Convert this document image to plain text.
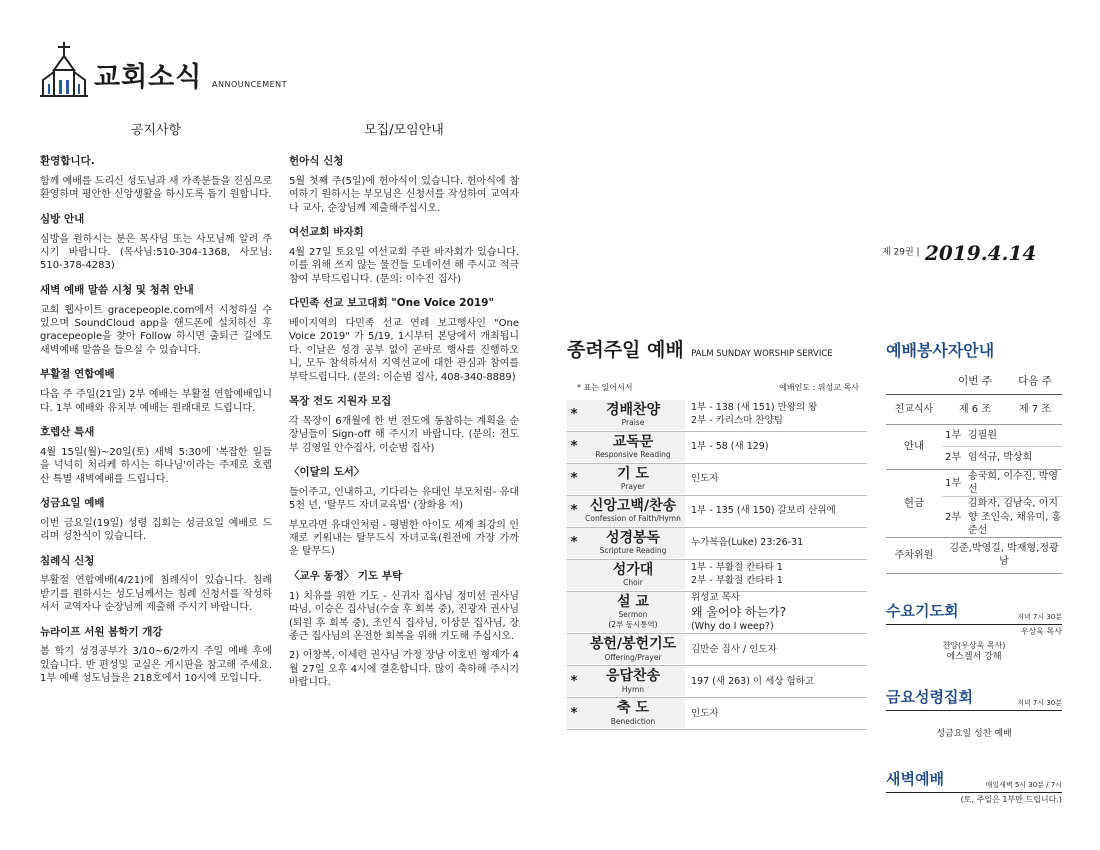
교회소식 ANNOUNCEMENT
공지사항
환영합니다.

함께 예배를 드리신 성도님과 새 가족분들을 진심으로 환영하며 평안한 신앙생활을 하시도록 돕기 원합니다.

심방 안내

심방을 원하시는 분은 목사님 또는 사모님께 알려 주시기 바랍니다. (목사님:510-304-1368, 사모님: 510-378-4283)

새벽 예배 말씀 시청 및 청취 안내

교회 웹사이트 gracepeople.com에서 시청하실 수 있으며 SoundCloud app을 핸드폰에 설치하신 후 gracepeople을 찾아 Follow 하시면 출퇴근 길에도 새벽예배 말씀을 들으실 수 있습니다.

부활절 연합예배

다음 주 주일(21일) 2부 예배는 부활절 연합예배입니다. 1부 예배와 유치부 예배는 원래대로 드립니다.

호렙산 특새

4월 15일(월)~20일(토) 새벽 5:30에 '복잡한 일들을 넉넉히 처리케 하시는 하나님'이라는 주제로 호렙산 특별 새벽예배를 드립니다.

성금요일 예배

이번 금요일(19일) 성령 집회는 성금요일 예배로 드리며 성찬식이 있습니다.

침례식 신청

부활절 연합예배(4/21)에 침례식이 있습니다. 침례 받기를 원하시는 성도님께서는 침례 신청서를 작성하셔서 교역자나 순장님께 제출해 주시기 바랍니다.

뉴라이프 서원 봄학기 개강

봄 학기 성경공부가 3/10~6/2까지 주일 예배 후에 있습니다. 반 편성및 교실은 게시판을 참고해 주세요. 1부 예배 성도님들은 218호에서 10시에 모입니다.

모집/모임안내
헌아식 신청

5월 첫째 주(5일)에 헌아식이 있습니다. 헌아식에 참여하기 원하시는 부모님은 신청서를 작성하여 교역자나 교사, 순장님께 제출해주십시오.

여선교회 바자회

4월 27일 토요일 여선교회 주관 바자회가 있습니다. 이를 위해 쓰지 않는 물건들 도네이션 해 주시고 적극 참여 부탁드립니다. (문의: 이수진 집사)

다민족 선교 보고대회 "One Voice 2019"

베이지역의 다민족 선교 연례 보고행사인 "One Voice 2019" 가 5/19, 1시부터 본당에서 개최됩니다. 이날은 성경 공부 없이 곧바로 행사를 진행하오니, 모두 참석하셔서 지역선교에 대한 관심과 참여를 부탁드립니다. (문의: 이순범 집사, 408-340-8889)

목장 전도 지원자 모집

각 목장이 6개월에 한 번 전도에 동참하는 계획을 순장님들이 Sign-off 해 주시기 바랍니다. (문의: 전도부 김영일 안수집사, 이순범 집사)

〈이달의 도서〉

들어주고, 인내하고, 기다리는 유대인 부모처럼- 유대 5천 년, '탈무드 자녀교육법' (장화용 저)

부모라면 유대인처럼 - 평범한 아이도 세계 최강의 인재로 키워내는 탈무드식 자녀교육(원전에 가장 가까운 탈무드)

〈교우 동정〉 기도 부탁

1) 치유를 위한 기도 - 신귀자 집사님 정미선 권사님 따님, 이승은 집사님(수술 후 회복 중), 진광자 권사님(퇴원 후 회복 중), 조인식 집사님, 이상문 집사님, 장종근 집사님의 온전한 회복을 위해 기도해 주십시오.

2) 이창복, 이세련 권사님 가정 장남 이호빈 형제가 4월 27일 오후 4시에 결혼합니다. 많이 축하해 주시기 바랍니다.

제 29권 | 2019.4.14
종려주일 예배 PALM SUNDAY WORSHIP SERVICE
* 표는 일어서서	예배인도 : 위성교 목사
*	경배찬양
Praise
1부 - 138 (새 151) 만왕의 왕
2부 - 카리스마 찬양팀
*	교독문
Responsive Reading
1부 - 58 (새 129)
*	기 도
Prayer
인도자
* 신앙고백/찬송
Confession of Faith/Hymn
1부 - 135 (새 150) 갈보리 산위에
*	성경봉독
Scripture Reading
누가복음(Luke) 23:26-31
성가대
Choir
1부 - 부활절 칸타타 1
2부 - 부활절 칸타타 1
설 교
Sermon
(2부 동시통역)
위성교 목사
왜 울어야 하는가?
(Why do I weep?)
봉헌/봉헌기도
Offering/Prayer
김만순 집사 / 인도자
*	응답찬송
Hymn
197 (새 263) 이 세상 험하고
*	축 도
Benediction
인도자
예배봉사자안내
이번 주	다음 주
친교식사	제 6 조	제 7 조
안내
1부 김필원
2부 임석규, 박상희
헌금
1부
송국희, 이수진, 박영선
2부
김화자, 김남숙, 이지향 조인숙, 채유미, 홍준선
주차위원
김준,박영길, 박재형,정광남
수요기도회	저녁 7시 30분
우상욱 목사
찬양(우상욱 목사)
에스겔서 강해
금요성령집회	저녁 7시 30분
성금요일 성찬 예배
새벽예배	매일새벽 5시 30분 / 7시
(토, 주일은 1부만 드립니다.)
